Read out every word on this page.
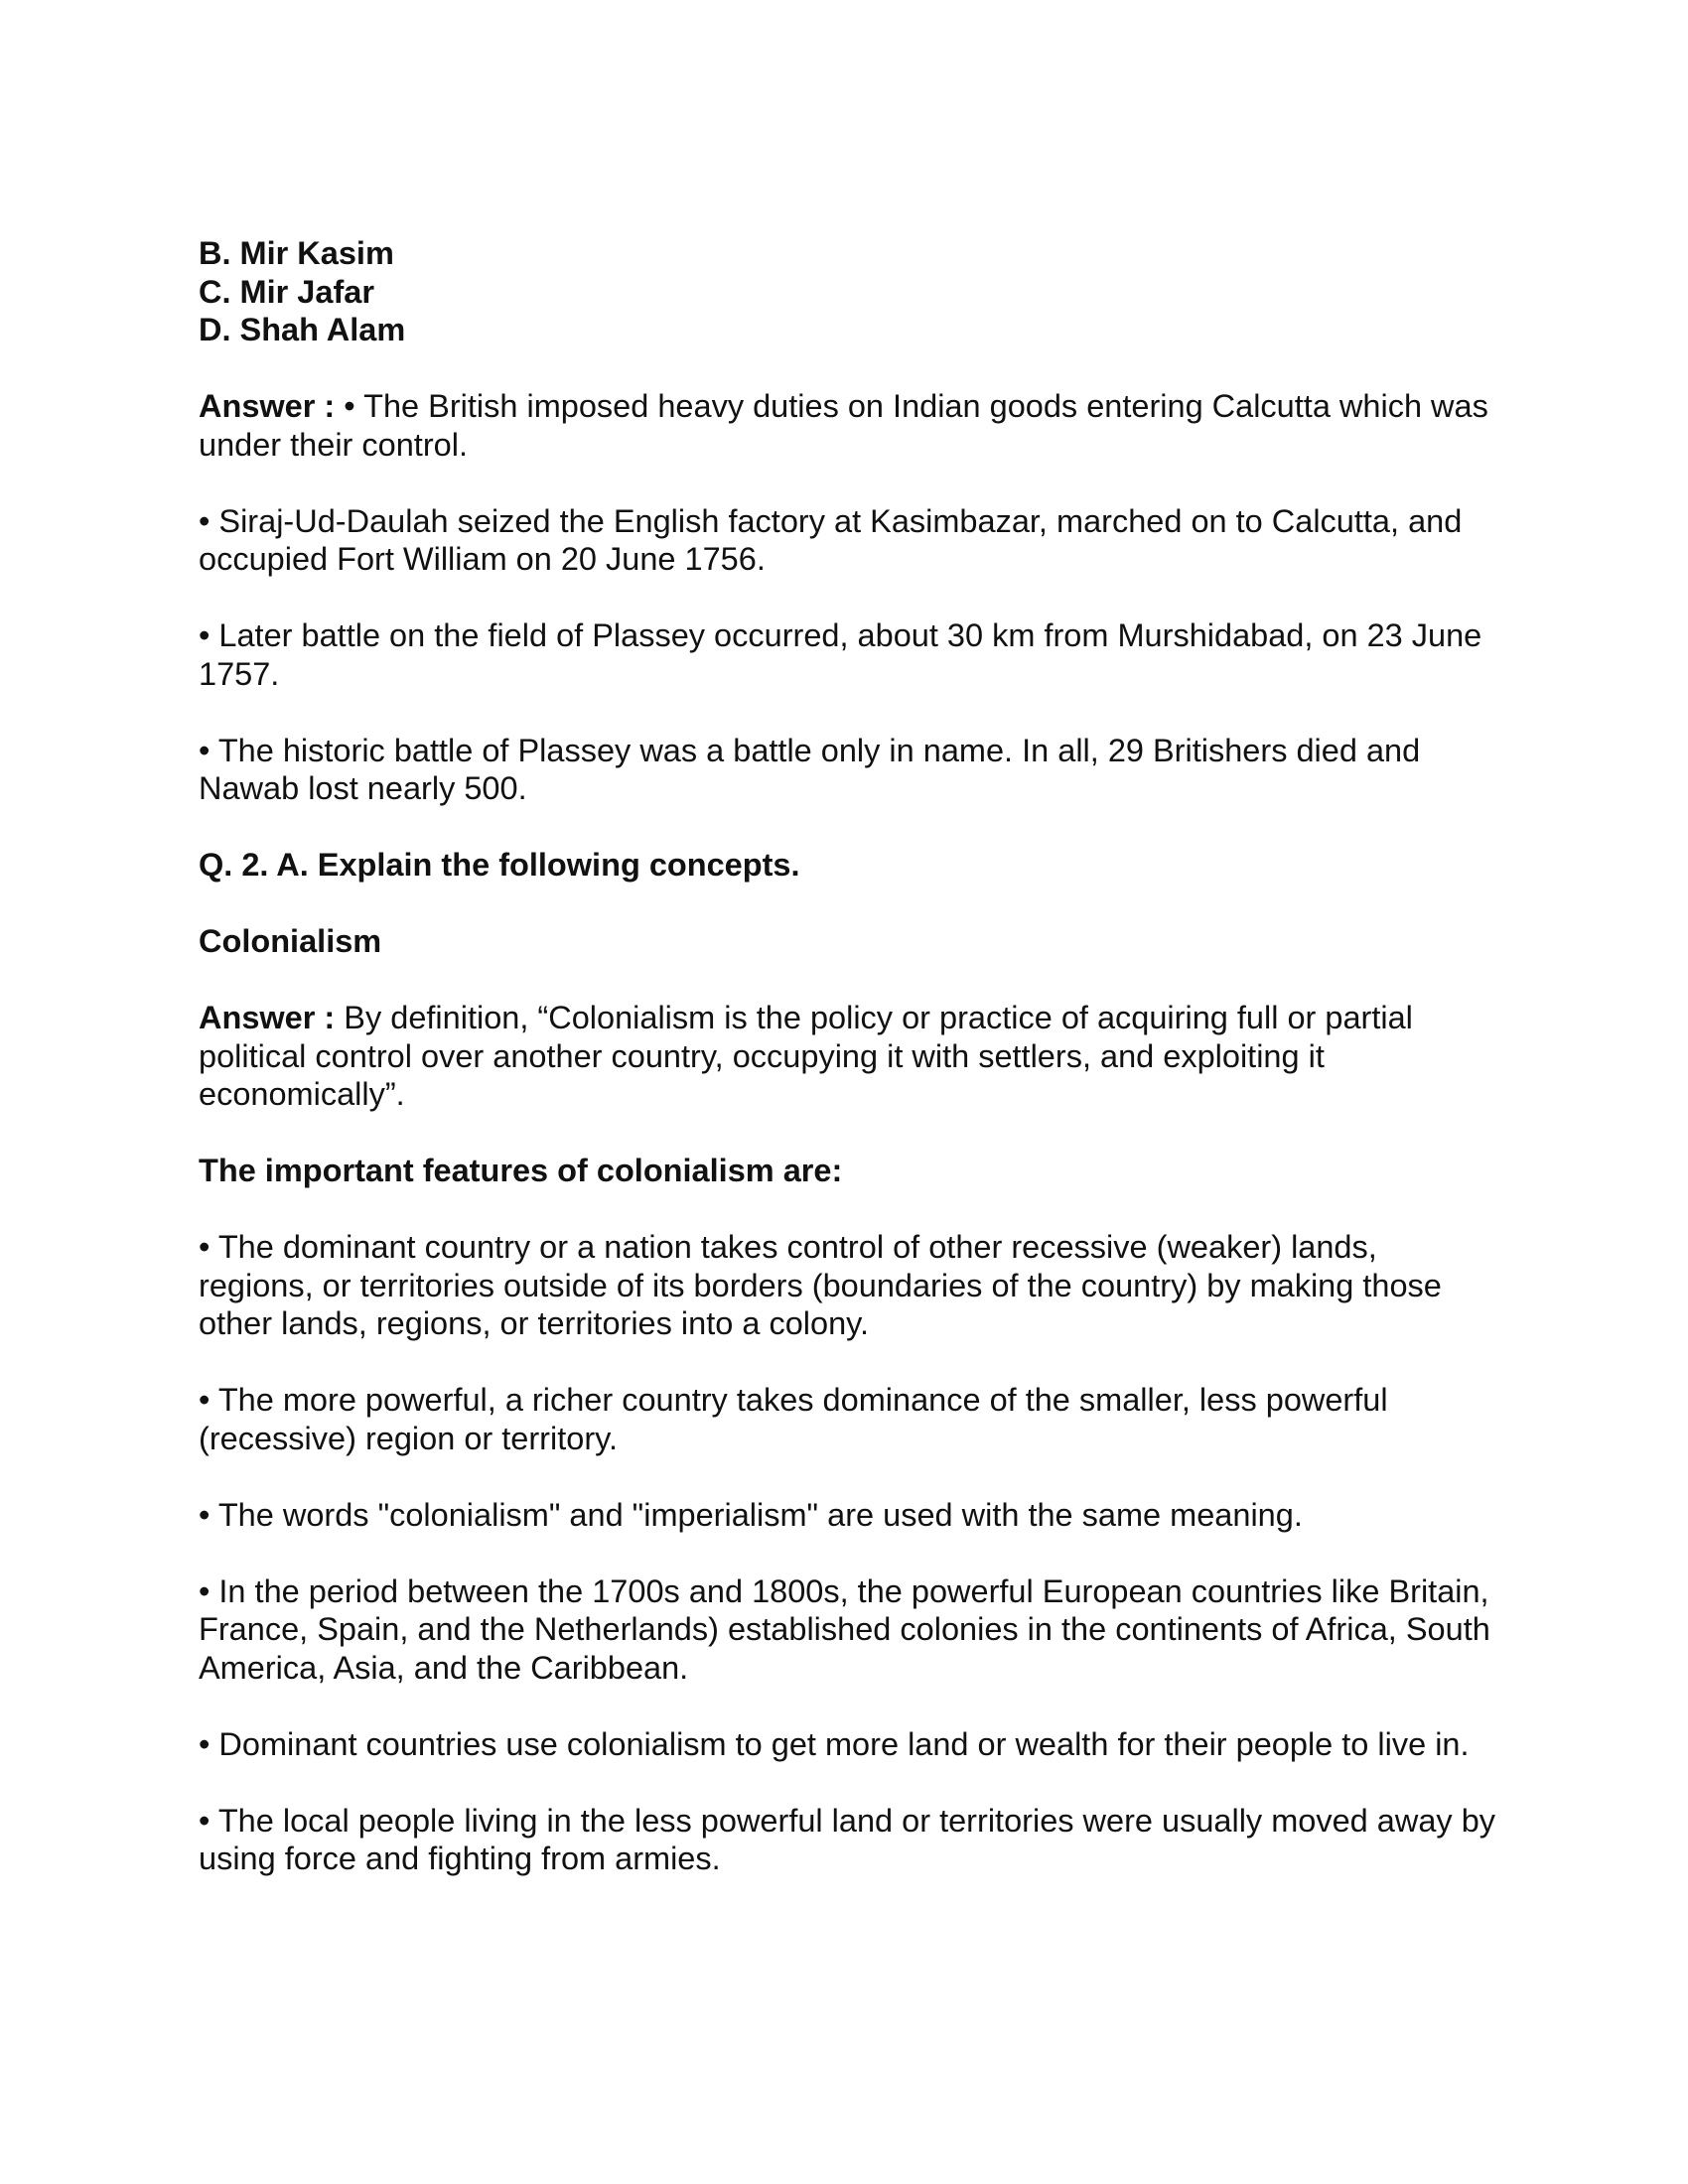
B. Mir Kasim
C. Mir Jafar
D. Shah Alam

Answer : • The British imposed heavy duties on Indian goods entering Calcutta which was under their control.

• Siraj-Ud-Daulah seized the English factory at Kasimbazar, marched on to Calcutta, and occupied Fort William on 20 June 1756.

• Later battle on the field of Plassey occurred, about 30 km from Murshidabad, on 23 June 1757.

• The historic battle of Plassey was a battle only in name. In all, 29 Britishers died and Nawab lost nearly 500.

Q. 2. A. Explain the following concepts.

Colonialism

Answer : By definition, “Colonialism is the policy or practice of acquiring full or partial political control over another country, occupying it with settlers, and exploiting it economically”.

The important features of colonialism are:

• The dominant country or a nation takes control of other recessive (weaker) lands, regions, or territories outside of its borders (boundaries of the country) by making those other lands, regions, or territories into a colony.

• The more powerful, a richer country takes dominance of the smaller, less powerful (recessive) region or territory.

• The words "colonialism" and "imperialism" are used with the same meaning.

• In the period between the 1700s and 1800s, the powerful European countries like Britain, France, Spain, and the Netherlands) established colonies in the continents of Africa, South America, Asia, and the Caribbean.

• Dominant countries use colonialism to get more land or wealth for their people to live in.

• The local people living in the less powerful land or territories were usually moved away by using force and fighting from armies.
